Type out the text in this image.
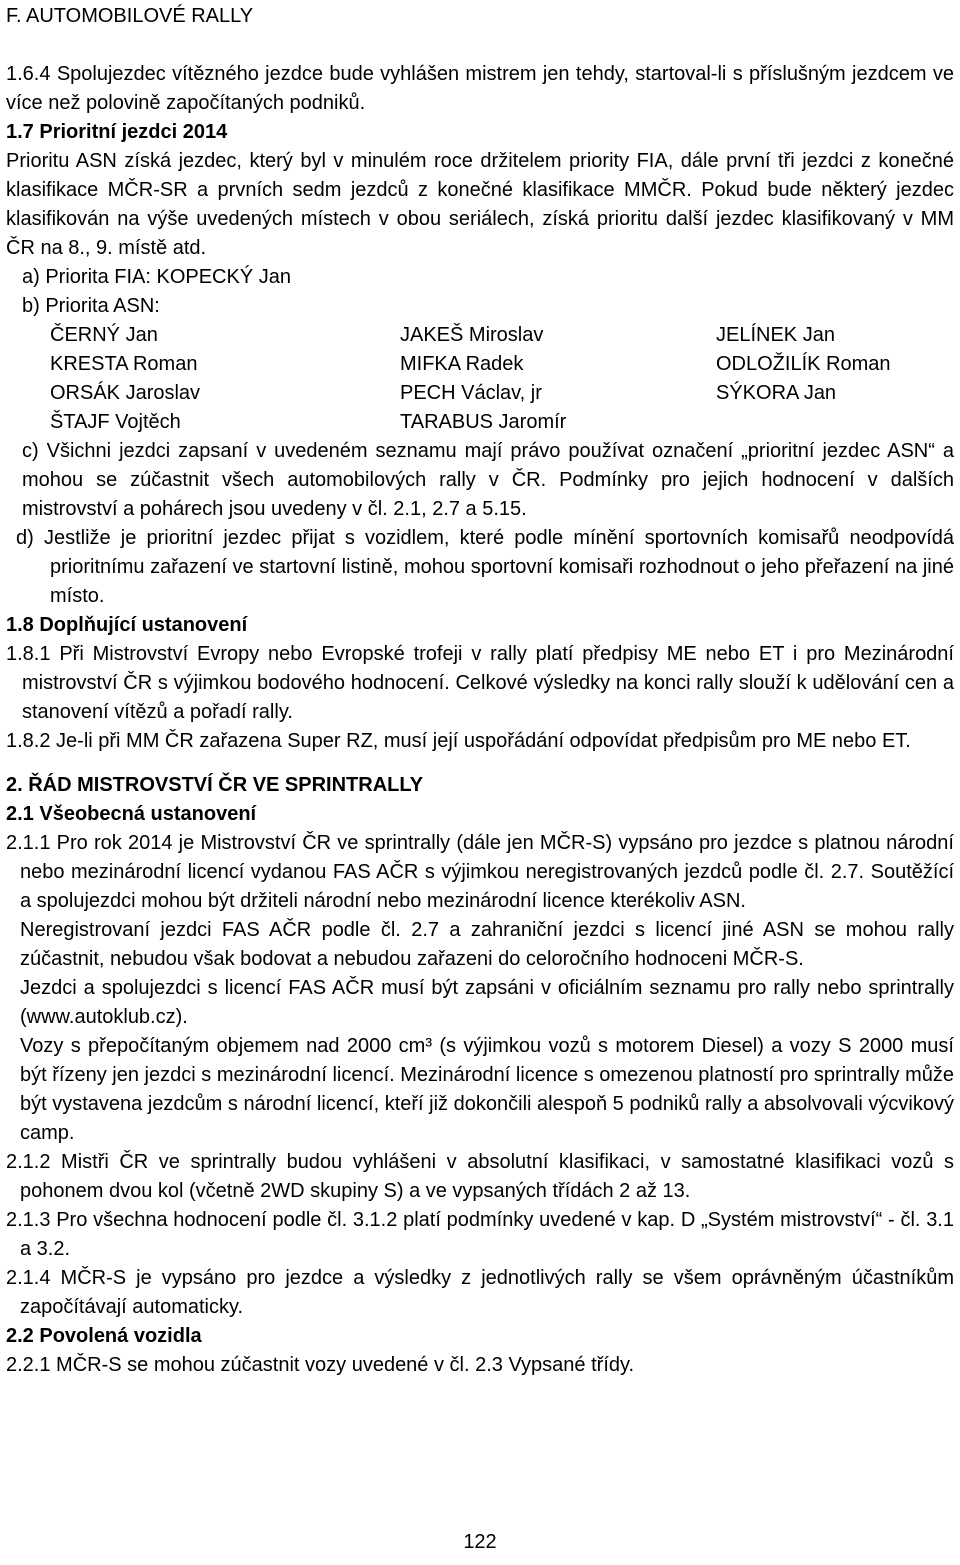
F. AUTOMOBILOVÉ RALLY

1.6.4 Spolujezdec vítězného jezdce bude vyhlášen mistrem jen tehdy, startoval-li s příslušným jezdcem ve více než polovině započítaných podniků.

1.7 Prioritní jezdci 2014

Prioritu ASN získá jezdec, který byl v minulém roce držitelem priority FIA, dále první tři jezdci z konečné klasifikace MČR-SR a prvních sedm jezdců z konečné klasifikace MMČR. Pokud bude některý jezdec klasifikován na výše uvedených místech v obou seriálech, získá prioritu další jezdec klasifikovaný v MM ČR na 8., 9. místě atd.

a) Priorita FIA: KOPECKÝ Jan

b) Priorita ASN:

ČERNÝ Jan	JAKEŠ Miroslav	JELÍNEK Jan
KRESTA Roman	MIFKA Radek	ODLOŽILÍK Roman
ORSÁK Jaroslav	PECH Václav, jr	SÝKORA Jan
ŠTAJF Vojtěch	TARABUS Jaromír

c) Všichni jezdci zapsaní v uvedeném seznamu mají právo používat označení „prioritní jezdec ASN“ a mohou se zúčastnit všech automobilových rally v ČR. Podmínky pro jejich hodnocení v dalších mistrovství a pohárech jsou uvedeny v čl. 2.1, 2.7 a 5.15.

d) Jestliže je prioritní jezdec přijat s vozidlem, které podle mínění sportovních komisařů neodpovídá prioritnímu zařazení ve startovní listině, mohou sportovní komisaři rozhodnout o jeho přeřazení na jiné místo.

1.8 Doplňující ustanovení

1.8.1 Při Mistrovství Evropy nebo Evropské trofeji v rally platí předpisy ME nebo ET i pro Mezinárodní mistrovství ČR s výjimkou bodového hodnocení. Celkové výsledky na konci rally slouží k udělování cen a stanovení vítězů a pořadí rally.

1.8.2 Je-li při MM ČR zařazena Super RZ, musí její uspořádání odpovídat předpisům pro ME nebo ET.

2. ŘÁD MISTROVSTVÍ ČR VE SPRINTRALLY

2.1 Všeobecná ustanovení

2.1.1 Pro rok 2014 je Mistrovství ČR ve sprintrally (dále jen MČR-S) vypsáno pro jezdce s platnou národní nebo mezinárodní licencí vydanou FAS AČR s výjimkou neregistrovaných jezdců podle čl. 2.7. Soutěžící a spolujezdci mohou být držiteli národní nebo mezinárodní licence kterékoliv ASN.

Neregistrovaní jezdci FAS AČR podle čl. 2.7 a zahraniční jezdci s licencí jiné ASN se mohou rally zúčastnit, nebudou však bodovat a nebudou zařazeni do celoročního hodnoceni MČR-S.

Jezdci a spolujezdci s licencí FAS AČR musí být zapsáni v oficiálním seznamu pro rally nebo sprintrally (www.autoklub.cz).

Vozy s přepočítaným objemem nad 2000 cm³ (s výjimkou vozů s motorem Diesel) a vozy S 2000 musí být řízeny jen jezdci s mezinárodní licencí. Mezinárodní licence s omezenou platností pro sprintrally může být vystavena jezdcům s národní licencí, kteří již dokončili alespoň 5 podniků rally a absolvovali výcvikový camp.

2.1.2 Mistři ČR ve sprintrally budou vyhlášeni v absolutní klasifikaci, v samostatné klasifikaci vozů s pohonem dvou kol (včetně 2WD skupiny S) a ve vypsaných třídách 2 až 13.

2.1.3 Pro všechna hodnocení podle čl. 3.1.2 platí podmínky uvedené v kap. D „Systém mistrovství“ - čl. 3.1 a 3.2.

2.1.4 MČR-S je vypsáno pro jezdce a výsledky z jednotlivých rally se všem oprávněným účastníkům započítávají automaticky.

2.2 Povolená vozidla

2.2.1 MČR-S se mohou zúčastnit vozy uvedené v čl. 2.3 Vypsané třídy.

122
